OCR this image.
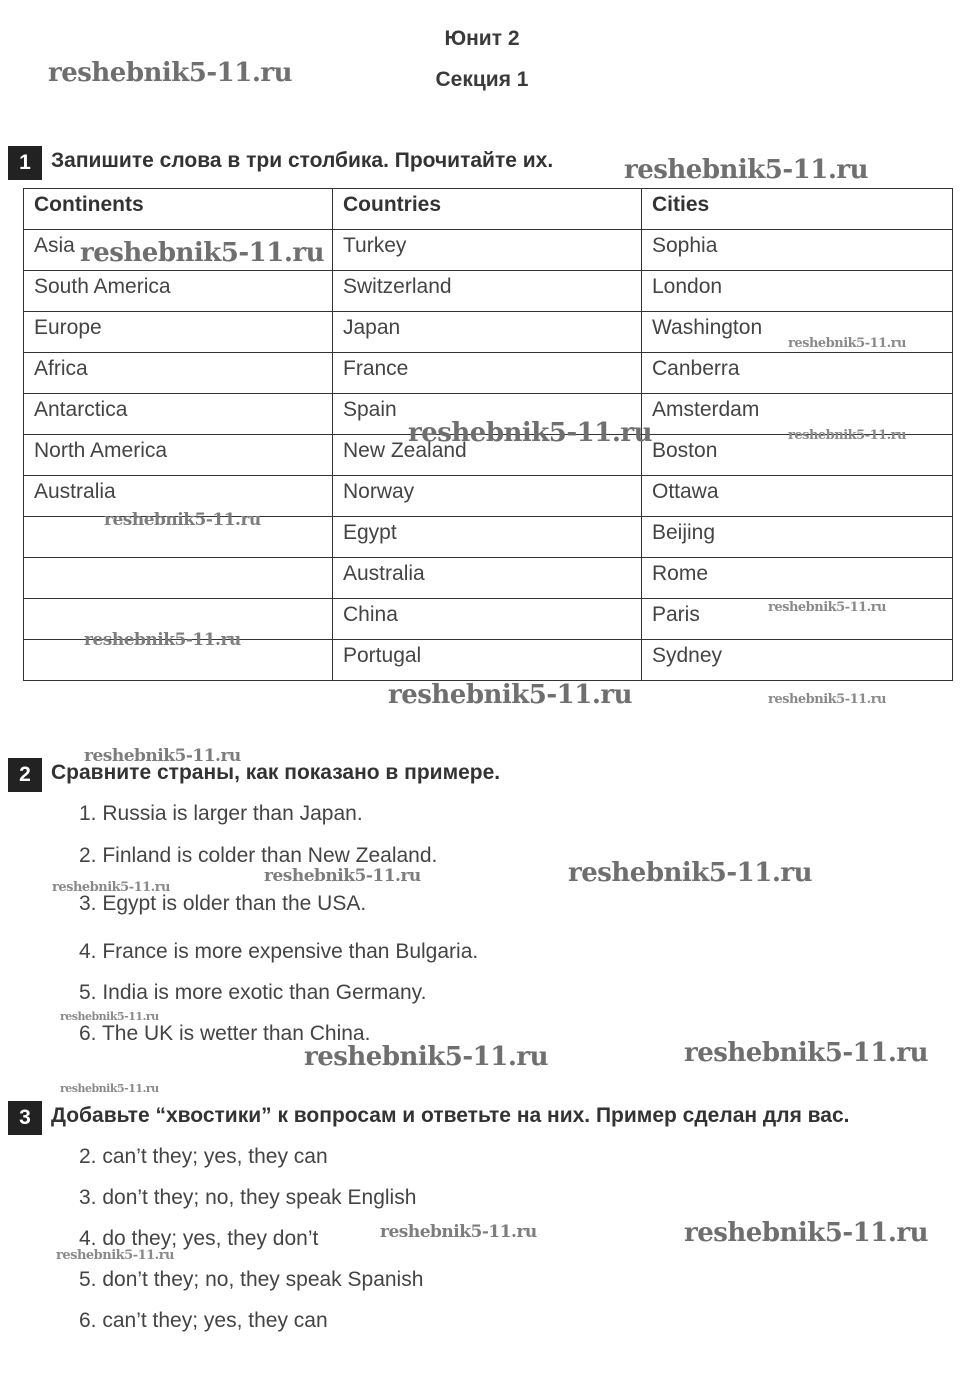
Юнит 2
Секция 1
1 Запишите слова в три столбика. Прочитайте их.
Continents	Countries	Cities
Asia	Turkey	Sophia
South America	Switzerland	London
Europe	Japan	Washington
Africa	France	Canberra
Antarctica	Spain	Amsterdam
North America	New Zealand	Boston
Australia	Norway	Ottawa
	Egypt	Beijing
	Australia	Rome
	China	Paris
	Portugal	Sydney
2 Сравните страны, как показано в примере.
1. Russia is larger than Japan.
2. Finland is colder than New Zealand.
3. Egypt is older than the USA.
4. France is more expensive than Bulgaria.
5. India is more exotic than Germany.
6. The UK is wetter than China.
3 Добавьте “хвостики” к вопросам и ответьте на них. Пример сделан для вас.
2. can’t they; yes, they can
3. don’t they; no, they speak English
4. do they; yes, they don’t
5. don’t they; no, they speak Spanish
6. can’t they; yes, they can
reshebnik5-11.ru
reshebnik5-11.ru
reshebnik5-11.ru
reshebnik5-11.ru
reshebnik5-11.ru	reshebnik5-11.ru
reshebnik5-11.ru
reshebnik5-11.ru
reshebnik5-11.ru
reshebnik5-11.ru	reshebnik5-11.ru
reshebnik5-11.ru
reshebnik5-11.ru
reshebnik5-11.ru	reshebnik5-11.ru
reshebnik5-11.ru
reshebnik5-11.ru	reshebnik5-11.ru
reshebnik5-11.ru
reshebnik5-11.ru	reshebnik5-11.ru
reshebnik5-11.ru
